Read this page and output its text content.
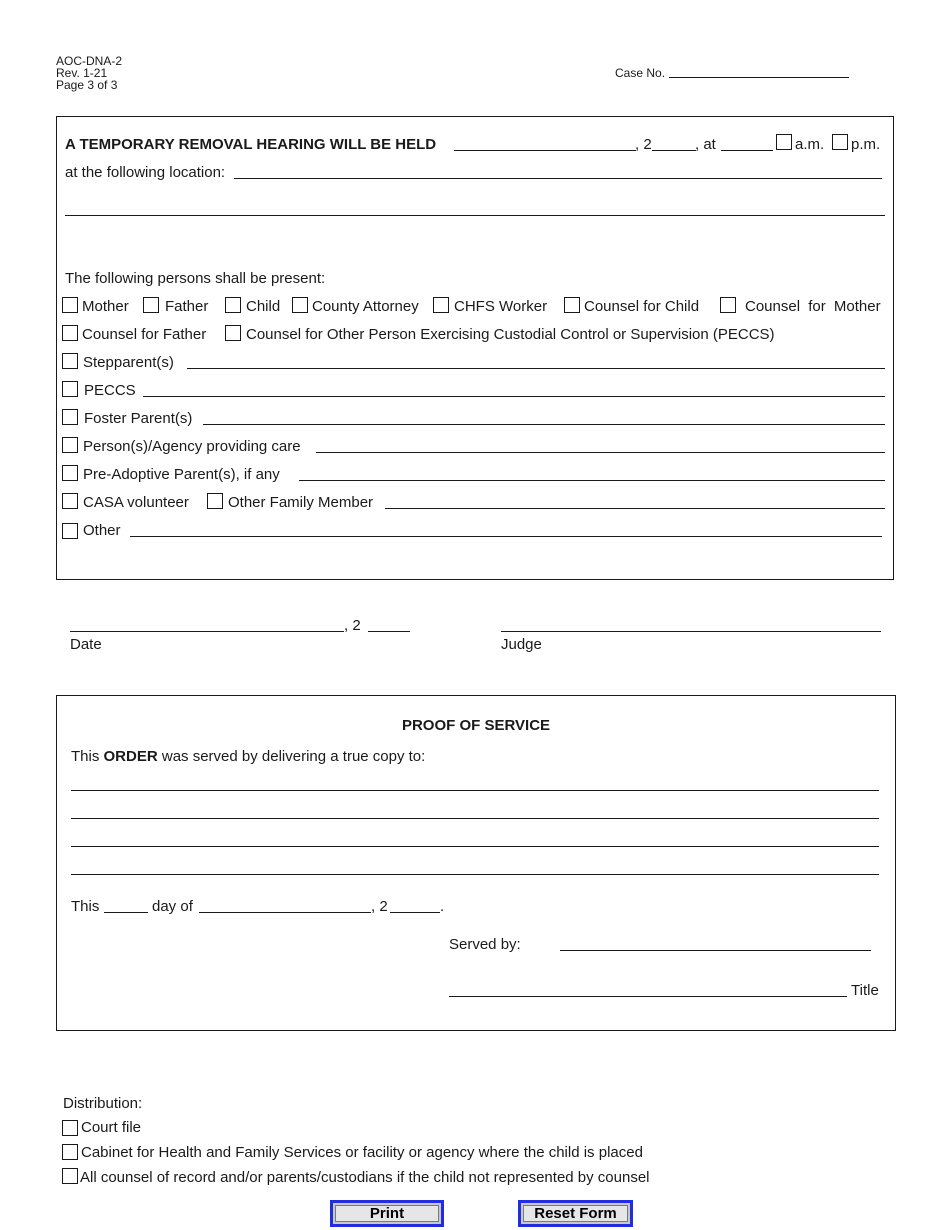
AOC-DNA-2
Rev. 1-21
Page 3 of 3
Case No.
A TEMPORARY REMOVAL HEARING WILL BE HELD	, 2	, at	a.m. p.m.
at the following location:
The following persons shall be present:
Mother Father	Child County Attorney CHFS Worker Counsel for Child	Counsel for Mother
Counsel for Father	Counsel for Other Person Exercising Custodial Control or Supervision (PECCS)
Stepparent(s)
PECCS
Foster Parent(s)
Person(s)/Agency providing care
Pre-Adoptive Parent(s), if any
CASA volunteer	Other Family Member
Other
, 2
Date	Judge
PROOF OF SERVICE
This ORDER was served by delivering a true copy to:
This	day of	, 2	.
Served by:
Title
Distribution:
Court file
Cabinet for Health and Family Services or facility or agency where the child is placed
All counsel of record and/or parents/custodians if the child not represented by counsel
Print	Reset Form
